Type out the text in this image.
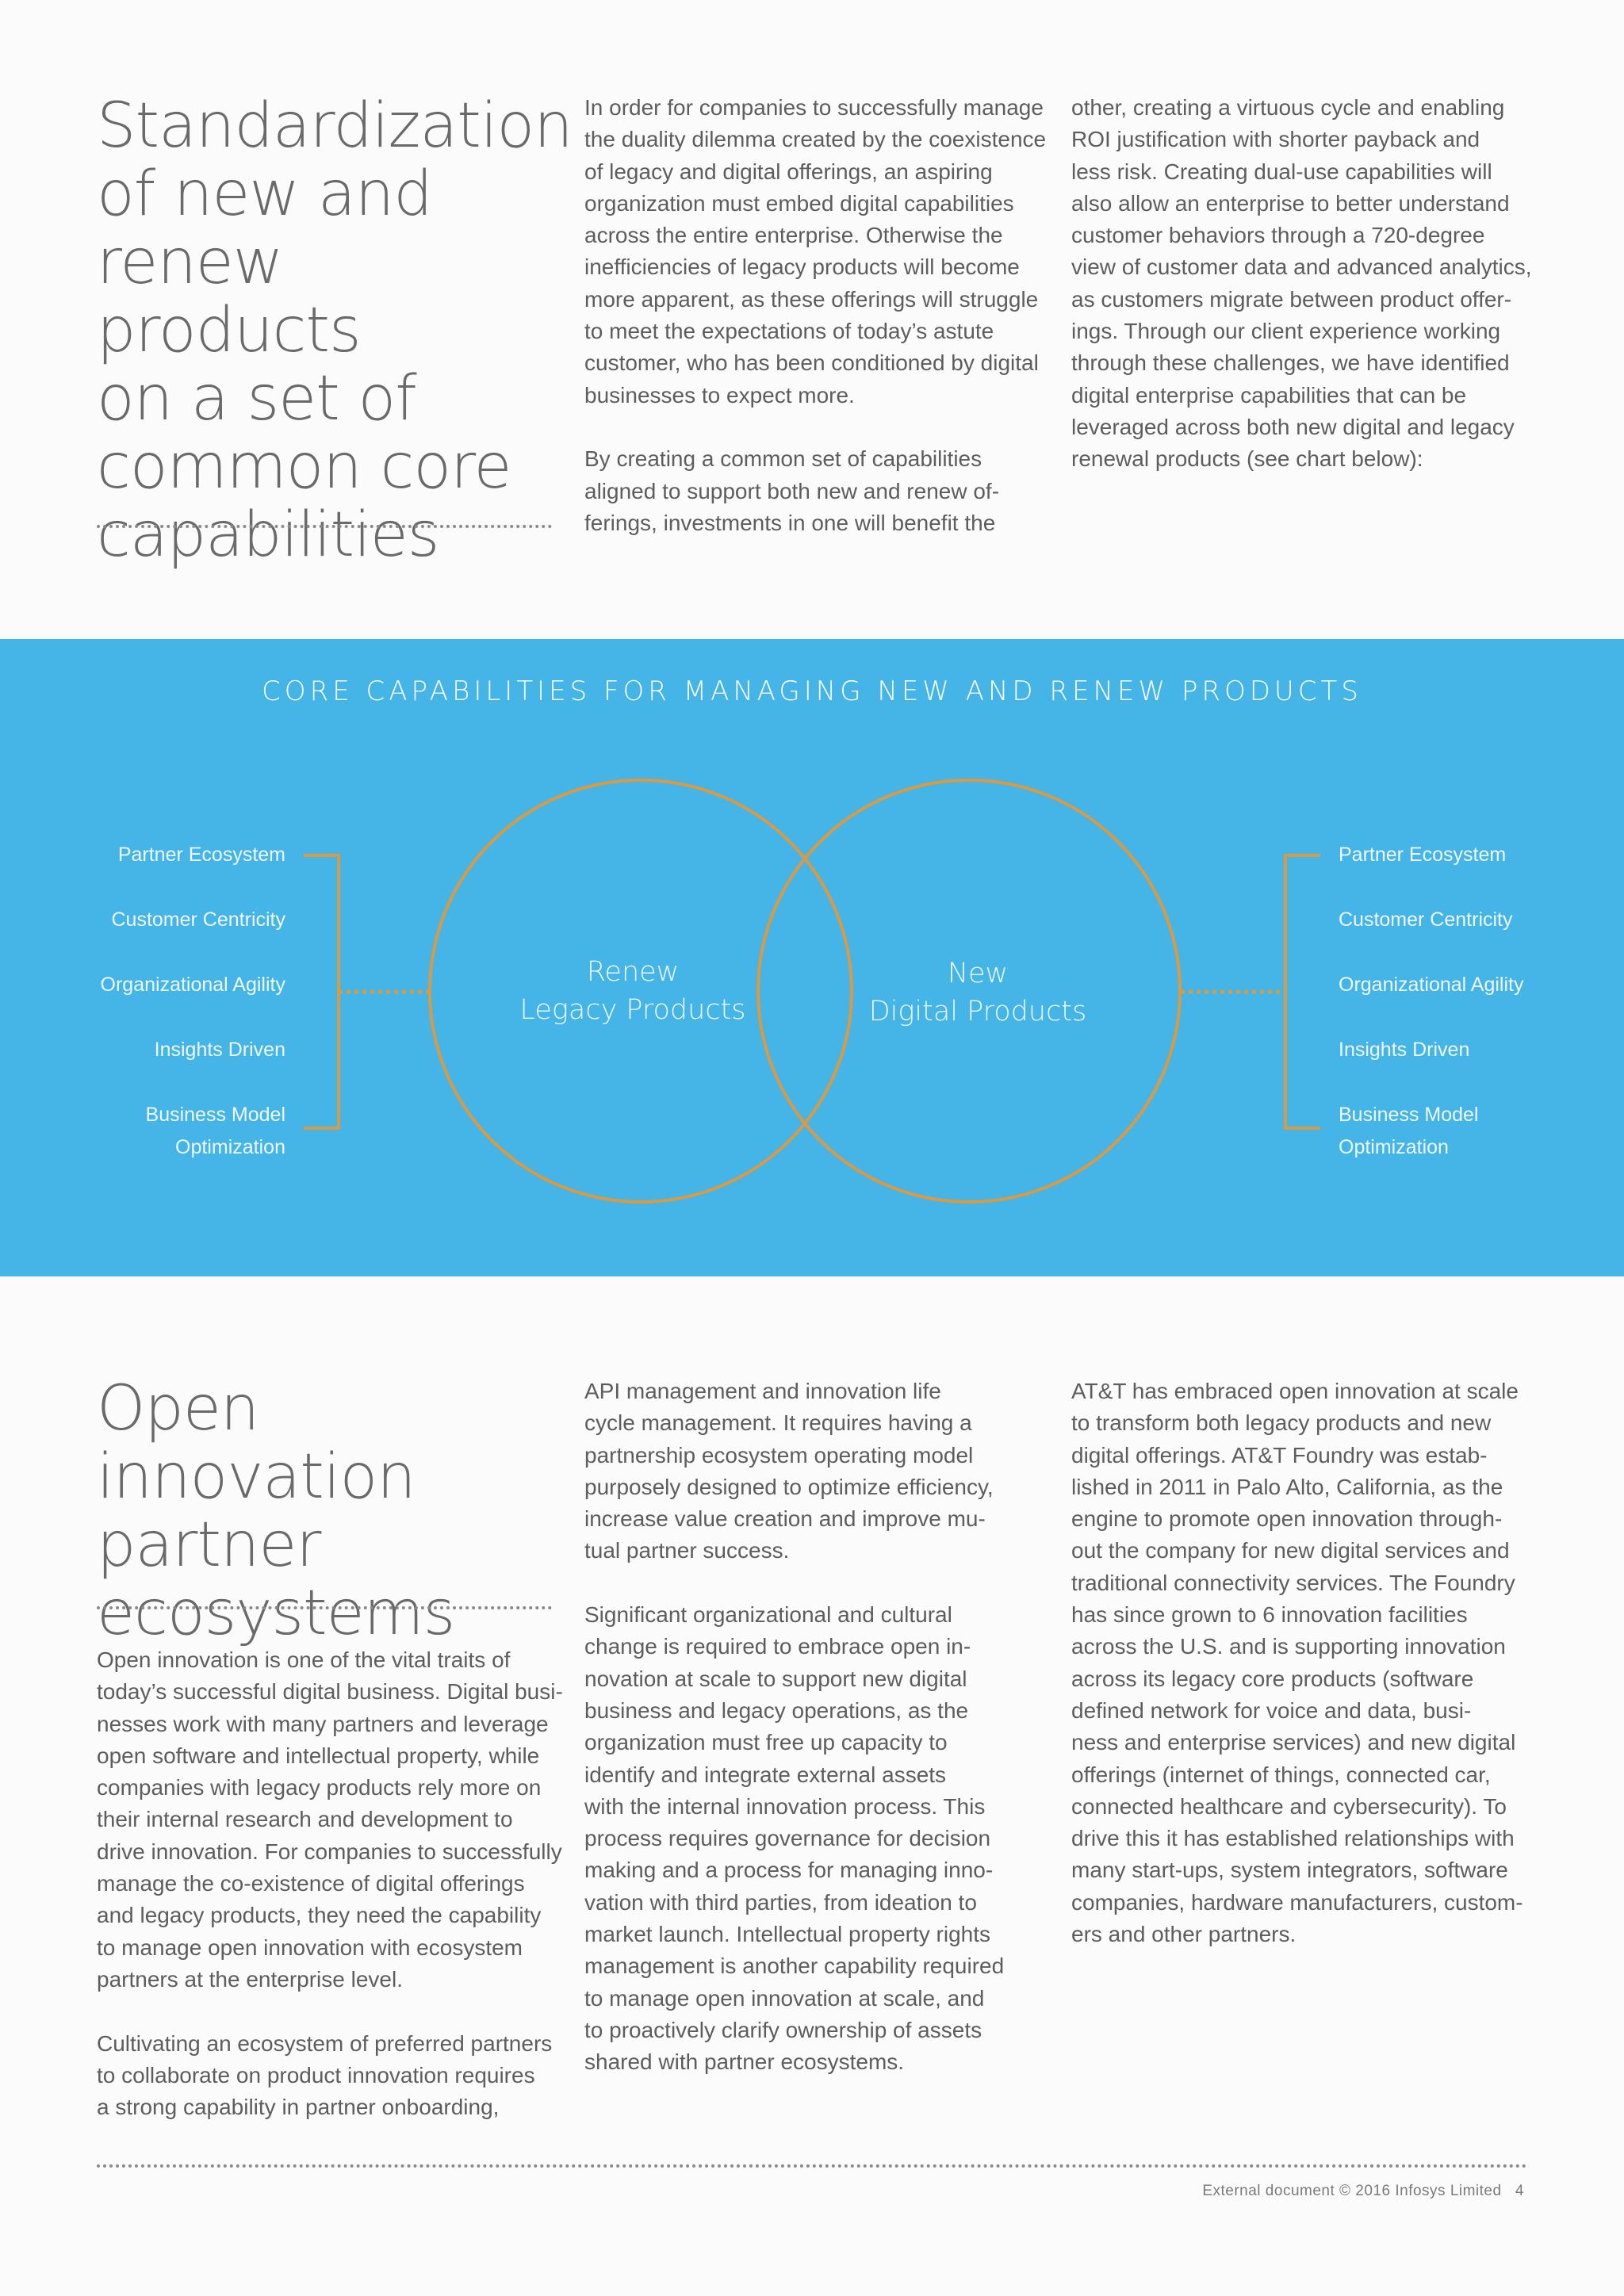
Standardization
of new and
renew products
on a set of
common core
capabilities

In order for companies to successfully manage
the duality dilemma created by the coexistence
of legacy and digital offerings, an aspiring
organization must embed digital capabilities
across the entire enterprise. Otherwise the
inefficiencies of legacy products will become
more apparent, as these offerings will struggle
to meet the expectations of today’s astute
customer, who has been conditioned by digital
businesses to expect more.

By creating a common set of capabilities
aligned to support both new and renew of-
ferings, investments in one will benefit the

other, creating a virtuous cycle and enabling
ROI justification with shorter payback and
less risk. Creating dual-use capabilities will
also allow an enterprise to better understand
customer behaviors through a 720-degree
view of customer data and advanced analytics,
as customers migrate between product offer-
ings. Through our client experience working
through these challenges, we have identified
digital enterprise capabilities that can be
leveraged across both new digital and legacy
renewal products (see chart below):

CORE CAPABILITIES FOR MANAGING NEW AND RENEW PRODUCTS
Partner Ecosystem
Customer Centricity
Organizational Agility
Insights Driven
Business Model
Optimization
Partner Ecosystem
Customer Centricity
Organizational Agility
Insights Driven
Business Model
Optimization
Renew
Legacy Products
New
Digital Products
Open innovation
partner
ecosystems

Open innovation is one of the vital traits of
today’s successful digital business. Digital busi-
nesses work with many partners and leverage
open software and intellectual property, while
companies with legacy products rely more on
their internal research and development to
drive innovation. For companies to successfully
manage the co-existence of digital offerings
and legacy products, they need the capability
to manage open innovation with ecosystem
partners at the enterprise level.

Cultivating an ecosystem of preferred partners
to collaborate on product innovation requires
a strong capability in partner onboarding,

API management and innovation life
cycle management. It requires having a
partnership ecosystem operating model
purposely designed to optimize efficiency,
increase value creation and improve mu-
tual partner success.

Significant organizational and cultural
change is required to embrace open in-
novation at scale to support new digital
business and legacy operations, as the
organization must free up capacity to
identify and integrate external assets
with the internal innovation process. This
process requires governance for decision
making and a process for managing inno-
vation with third parties, from ideation to
market launch. Intellectual property rights
management is another capability required
to manage open innovation at scale, and
to proactively clarify ownership of assets
shared with partner ecosystems.

AT&T has embraced open innovation at scale
to transform both legacy products and new
digital offerings. AT&T Foundry was estab-
lished in 2011 in Palo Alto, California, as the
engine to promote open innovation through-
out the company for new digital services and
traditional connectivity services. The Foundry
has since grown to 6 innovation facilities
across the U.S. and is supporting innovation
across its legacy core products (software
defined network for voice and data, busi-
ness and enterprise services) and new digital
offerings (internet of things, connected car,
connected healthcare and cybersecurity). To
drive this it has established relationships with
many start-ups, system integrators, software
companies, hardware manufacturers, custom-
ers and other partners.

External document © 2016 Infosys Limited 4
